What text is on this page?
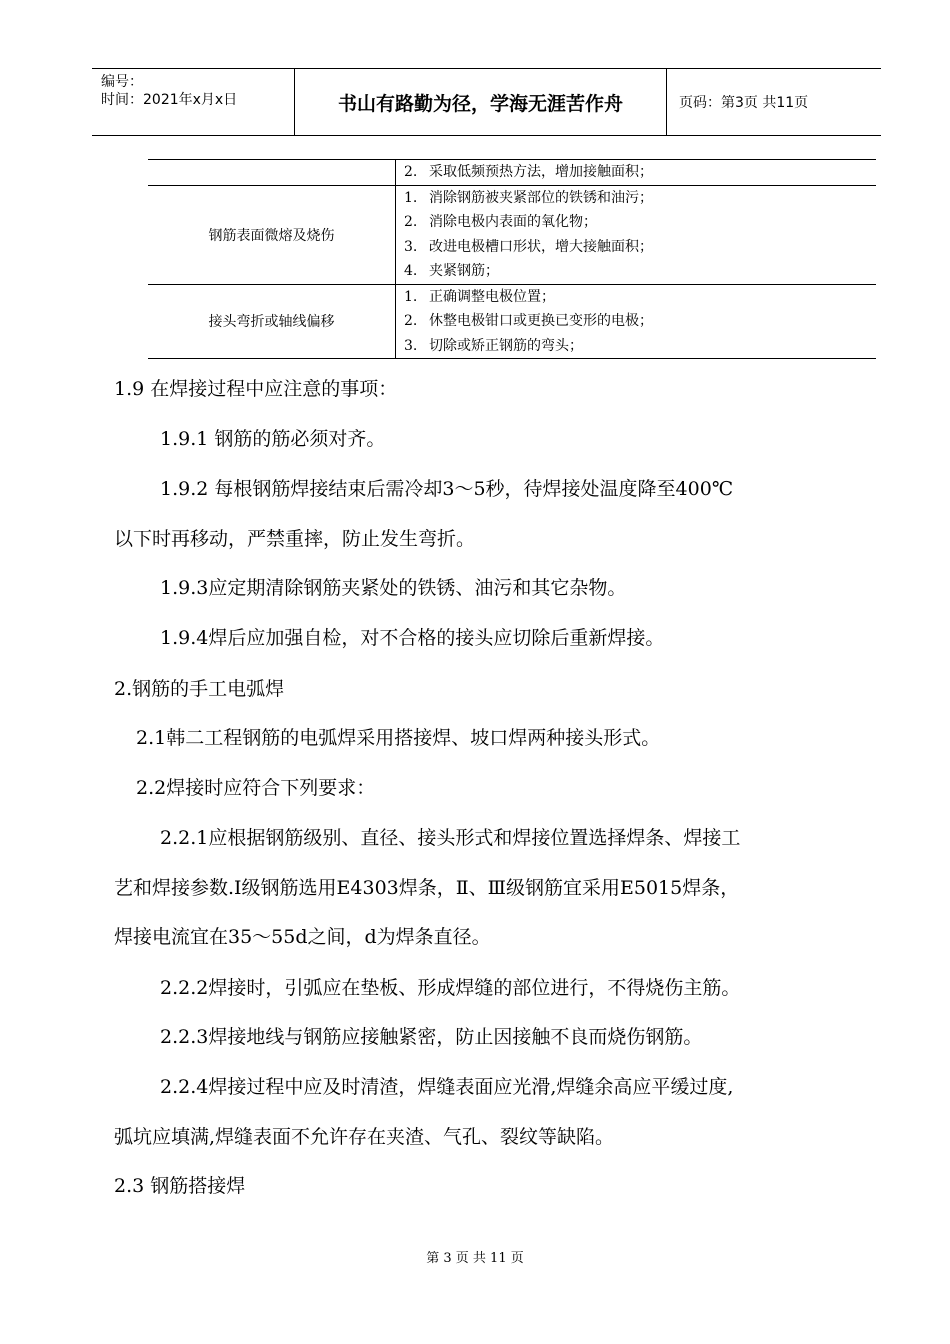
编号：
时间：2021年x月x日	书山有路勤为径，学海无涯苦作舟	页码：第3页 共11页

	2. 采取低频预热方法，增加接触面积；

钢筋表面微熔及烧伤	1. 消除钢筋被夹紧部位的铁锈和油污；
2. 消除电极内表面的氧化物；
3. 改进电极槽口形状，增大接触面积；
4. 夹紧钢筋；

接头弯折或轴线偏移	1. 正确调整电极位置；
2. 休整电极钳口或更换已变形的电极；
3. 切除或矫正钢筋的弯头；
1.9 在焊接过程中应注意的事项：
1.9.1 钢筋的筋必须对齐。
1.9.2 每根钢筋焊接结束后需冷却3～5秒，待焊接处温度降至400℃
以下时再移动，严禁重摔，防止发生弯折。
1.9.3应定期清除钢筋夹紧处的铁锈、油污和其它杂物。
1.9.4焊后应加强自检，对不合格的接头应切除后重新焊接。
2.钢筋的手工电弧焊
2.1韩二工程钢筋的电弧焊采用搭接焊、坡口焊两种接头形式。
2.2焊接时应符合下列要求：
2.2.1应根据钢筋级别、直径、接头形式和焊接位置选择焊条、焊接工
艺和焊接参数.Ⅰ级钢筋选用E4303焊条，Ⅱ、Ⅲ级钢筋宜采用E5015焊条，
焊接电流宜在35～55d之间，d为焊条直径。
2.2.2焊接时，引弧应在垫板、形成焊缝的部位进行，不得烧伤主筋。
2.2.3焊接地线与钢筋应接触紧密，防止因接触不良而烧伤钢筋。
2.2.4焊接过程中应及时清渣，焊缝表面应光滑,焊缝余高应平缓过度,
弧坑应填满,焊缝表面不允许存在夹渣、气孔、裂纹等缺陷。
2.3 钢筋搭接焊
第 3 页 共 11 页
